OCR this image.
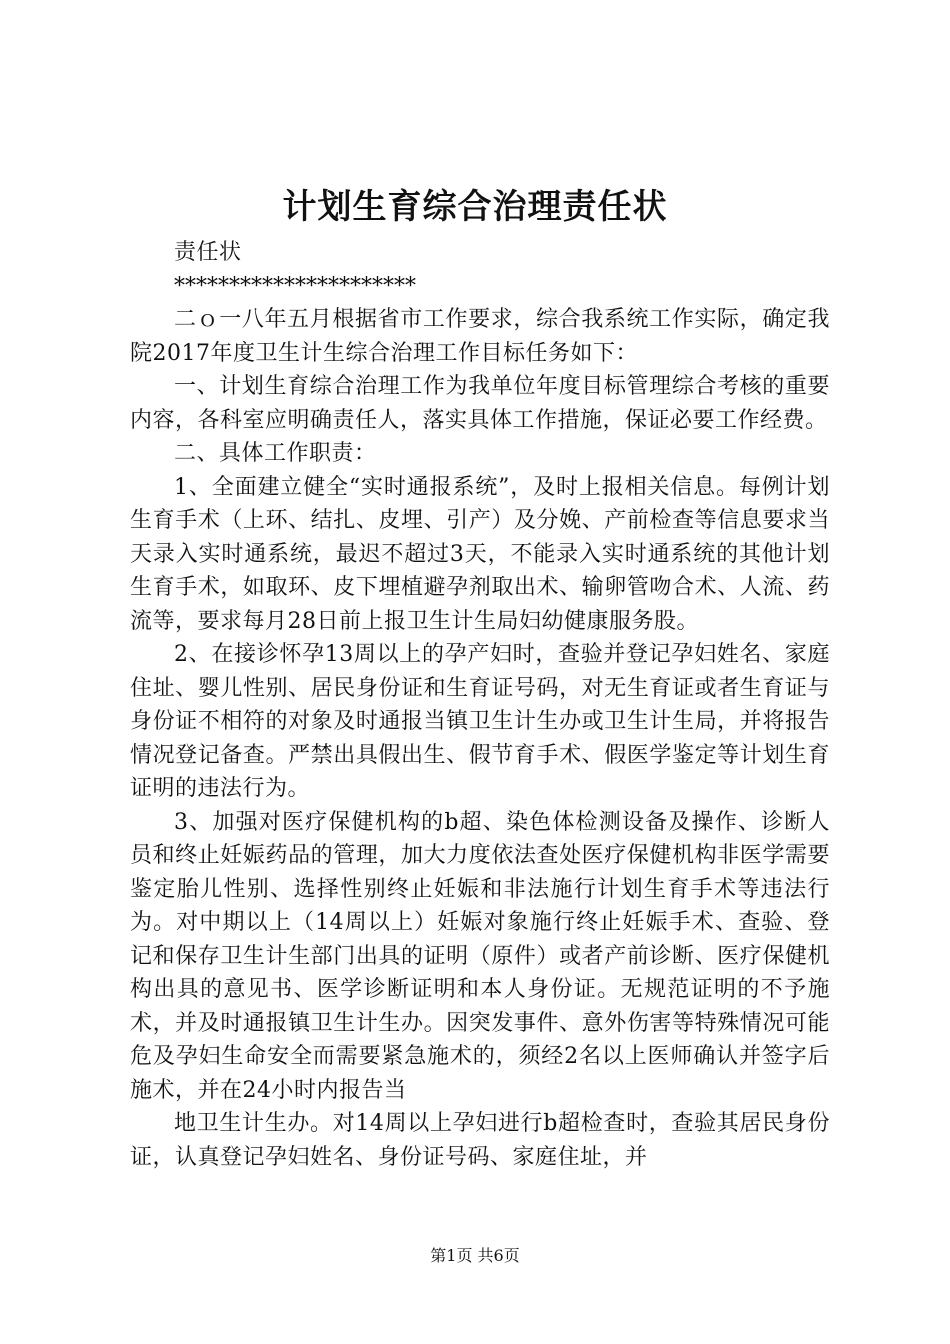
计划生育综合治理责任状

责任状

**********************

二ｏ一八年五月根据省市工作要求，综合我系统工作实际，确定我院2017年度卫生计生综合治理工作目标任务如下：

一、计划生育综合治理工作为我单位年度目标管理综合考核的重要内容，各科室应明确责任人，落实具体工作措施，保证必要工作经费。

二、具体工作职责：

1、全面建立健全“实时通报系统”，及时上报相关信息。每例计划生育手术（上环、结扎、皮埋、引产）及分娩、产前检查等信息要求当天录入实时通系统，最迟不超过3天，不能录入实时通系统的其他计划生育手术，如取环、皮下埋植避孕剂取出术、输卵管吻合术、人流、药流等，要求每月28日前上报卫生计生局妇幼健康服务股。

2、在接诊怀孕13周以上的孕产妇时，查验并登记孕妇姓名、家庭住址、婴儿性别、居民身份证和生育证号码，对无生育证或者生育证与身份证不相符的对象及时通报当镇卫生计生办或卫生计生局，并将报告情况登记备查。严禁出具假出生、假节育手术、假医学鉴定等计划生育证明的违法行为。

3、加强对医疗保健机构的b超、染色体检测设备及操作、诊断人员和终止妊娠药品的管理，加大力度依法查处医疗保健机构非医学需要鉴定胎儿性别、选择性别终止妊娠和非法施行计划生育手术等违法行为。对中期以上（14周以上）妊娠对象施行终止妊娠手术、查验、登记和保存卫生计生部门出具的证明（原件）或者产前诊断、医疗保健机构出具的意见书、医学诊断证明和本人身份证。无规范证明的不予施术，并及时通报镇卫生计生办。因突发事件、意外伤害等特殊情况可能危及孕妇生命安全而需要紧急施术的，须经2名以上医师确认并签字后施术，并在24小时内报告当

地卫生计生办。对14周以上孕妇进行b超检查时，查验其居民身份证，认真登记孕妇姓名、身份证号码、家庭住址，并

第1页 共6页
